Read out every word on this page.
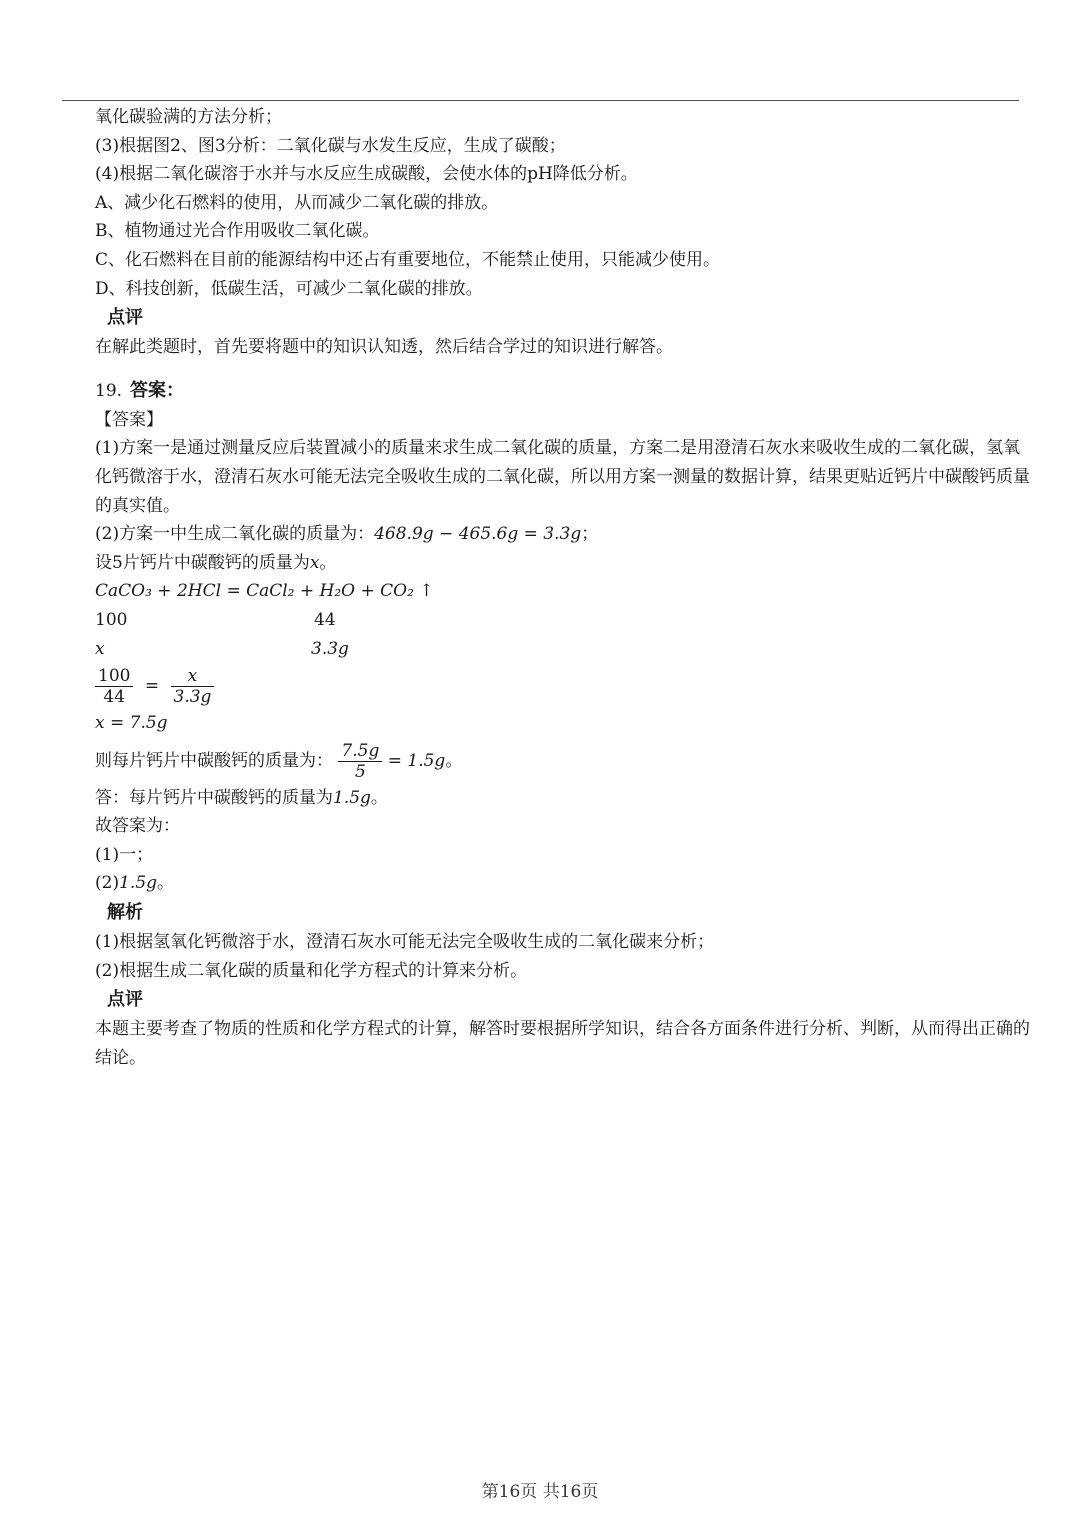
氧化碳验满的方法分析；
(3)根据图2、图3分析：二氧化碳与水发生反应，生成了碳酸；
(4)根据二氧化碳溶于水并与水反应生成碳酸，会使水体的pH降低分析。
A、减少化石燃料的使用，从而减少二氧化碳的排放。
B、植物通过光合作用吸收二氧化碳。
C、化石燃料在目前的能源结构中还占有重要地位，不能禁止使用，只能减少使用。
D、科技创新，低碳生活，可减少二氧化碳的排放。
点评
在解此类题时，首先要将题中的知识认知透，然后结合学过的知识进行解答。
19. 答案：
【答案】
(1)方案一是通过测量反应后装置减小的质量来求生成二氧化碳的质量，方案二是用澄清石灰水来吸收生成的二氧化碳，氢氧化钙微溶于水，澄清石灰水可能无法完全吸收生成的二氧化碳，所以用方案一测量的数据计算，结果更贴近钙片中碳酸钙质量的真实值。
(2)方案一中生成二氧化碳的质量为：468.9g − 465.6g = 3.3g；
设5片钙片中碳酸钙的质量为x。
CaCO₃ + 2HCl = CaCl₂ + H₂O + CO₂ ↑
100	44
x	3.3g
$\frac{100}{44} = \frac{x}{3.3g}$
x = 7.5g
则每片钙片中碳酸钙的质量为： $\frac{7.5g}{5} = 1.5g$。
答：每片钙片中碳酸钙的质量为1.5g。
故答案为：
(1)一；
(2)1.5g。
解析
(1)根据氢氧化钙微溶于水，澄清石灰水可能无法完全吸收生成的二氧化碳来分析；
(2)根据生成二氧化碳的质量和化学方程式的计算来分析。
点评
本题主要考查了物质的性质和化学方程式的计算，解答时要根据所学知识，结合各方面条件进行分析、判断，从而得出正确的结论。
第16页 共16页
